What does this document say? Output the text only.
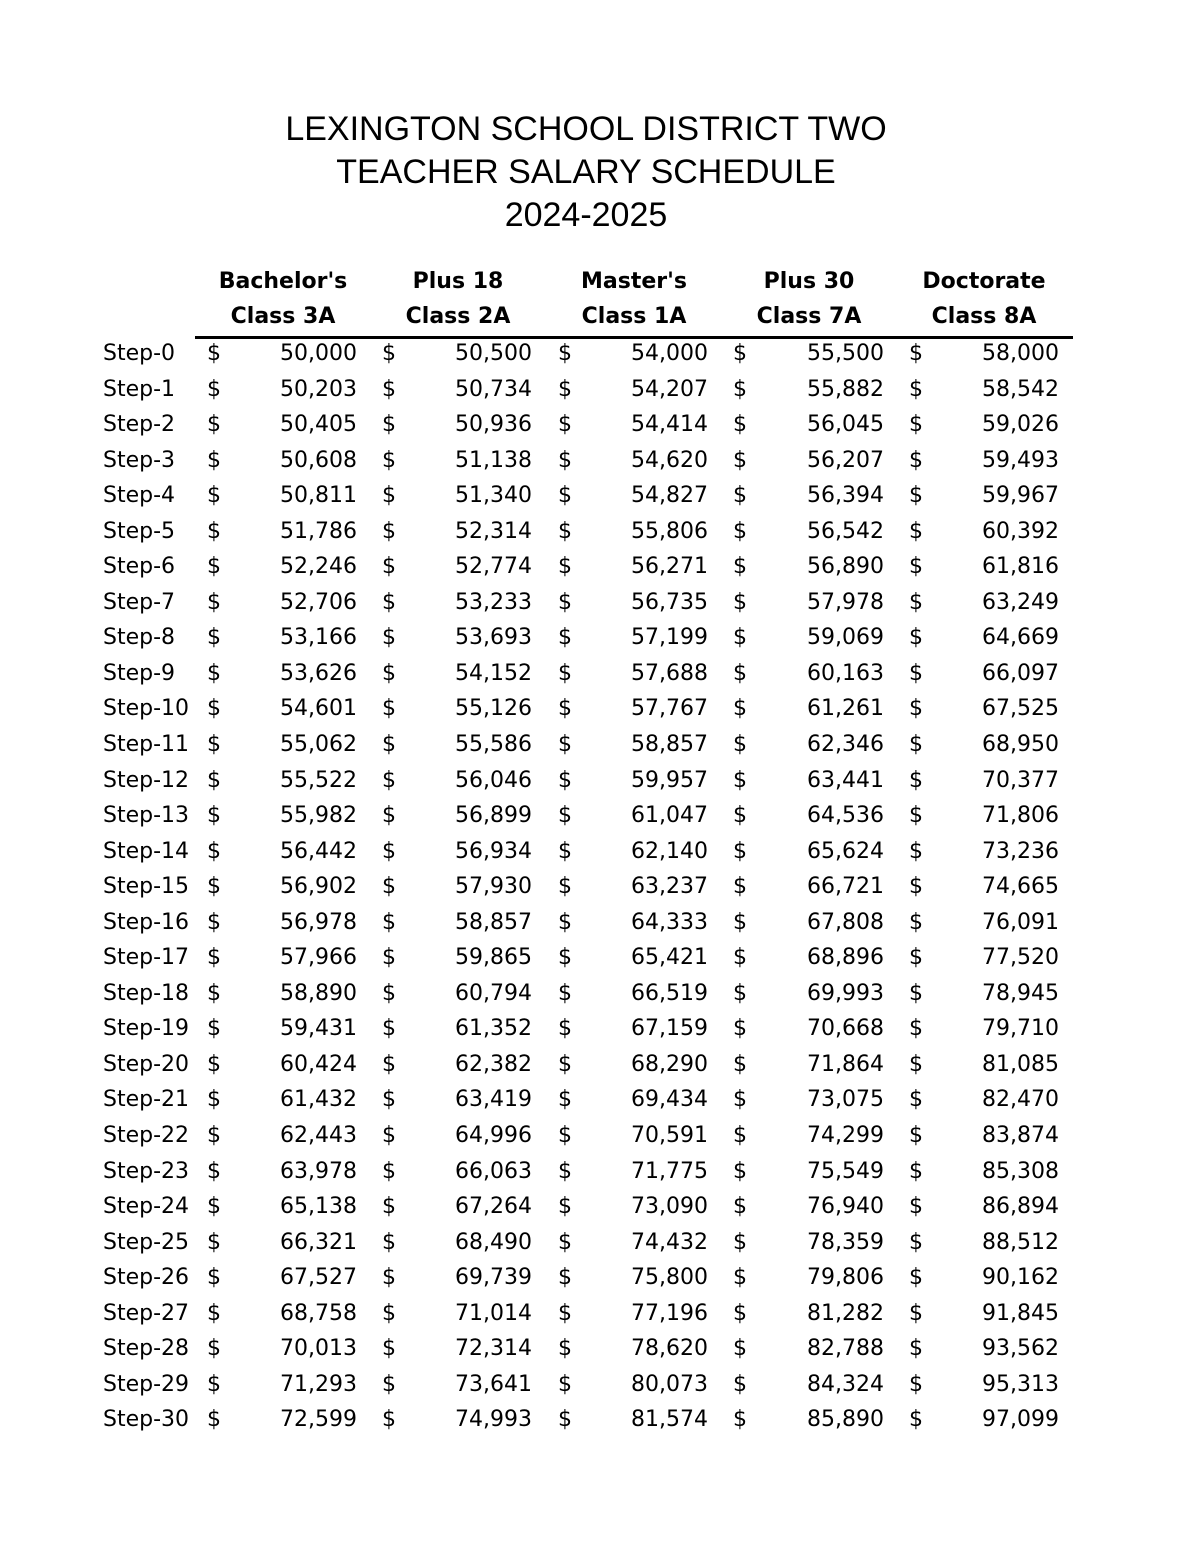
LEXINGTON SCHOOL DISTRICT TWO
TEACHER SALARY SCHEDULE
2024-2025
Bachelor's
Class 3A
Plus 18
Class 2A
Master's
Class 1A
Plus 30
Class 7A
Doctorate
Class 8A
Step-0 $	50,000 $	50,500 $	54,000 $	55,500 $	58,000
Step-1 $	50,203 $	50,734 $	54,207 $	55,882 $	58,542
Step-2 $	50,405 $	50,936 $	54,414 $	56,045 $	59,026
Step-3 $	50,608 $	51,138 $	54,620 $	56,207 $	59,493
Step-4 $	50,811 $	51,340 $	54,827 $	56,394 $	59,967
Step-5 $	51,786 $	52,314 $	55,806 $	56,542 $	60,392
Step-6 $	52,246 $	52,774 $	56,271 $	56,890 $	61,816
Step-7 $	52,706 $	53,233 $	56,735 $	57,978 $	63,249
Step-8 $	53,166 $	53,693 $	57,199 $	59,069 $	64,669
Step-9 $	53,626 $	54,152 $	57,688 $	60,163 $	66,097
Step-10 $	54,601 $	55,126 $	57,767 $	61,261 $	67,525
Step-11 $	55,062 $	55,586 $	58,857 $	62,346 $	68,950
Step-12 $	55,522 $	56,046 $	59,957 $	63,441 $	70,377
Step-13 $	55,982 $	56,899 $	61,047 $	64,536 $	71,806
Step-14 $	56,442 $	56,934 $	62,140 $	65,624 $	73,236
Step-15 $	56,902 $	57,930 $	63,237 $	66,721 $	74,665
Step-16 $	56,978 $	58,857 $	64,333 $	67,808 $	76,091
Step-17 $	57,966 $	59,865 $	65,421 $	68,896 $	77,520
Step-18 $	58,890 $	60,794 $	66,519 $	69,993 $	78,945
Step-19 $	59,431 $	61,352 $	67,159 $	70,668 $	79,710
Step-20 $	60,424 $	62,382 $	68,290 $	71,864 $	81,085
Step-21 $	61,432 $	63,419 $	69,434 $	73,075 $	82,470
Step-22 $	62,443 $	64,996 $	70,591 $	74,299 $	83,874
Step-23 $	63,978 $	66,063 $	71,775 $	75,549 $	85,308
Step-24 $	65,138 $	67,264 $	73,090 $	76,940 $	86,894
Step-25 $	66,321 $	68,490 $	74,432 $	78,359 $	88,512
Step-26 $	67,527 $	69,739 $	75,800 $	79,806 $	90,162
Step-27 $	68,758 $	71,014 $	77,196 $	81,282 $	91,845
Step-28 $	70,013 $	72,314 $	78,620 $	82,788 $	93,562
Step-29 $	71,293 $	73,641 $	80,073 $	84,324 $	95,313
Step-30 $	72,599 $	74,993 $	81,574 $	85,890 $	97,099
